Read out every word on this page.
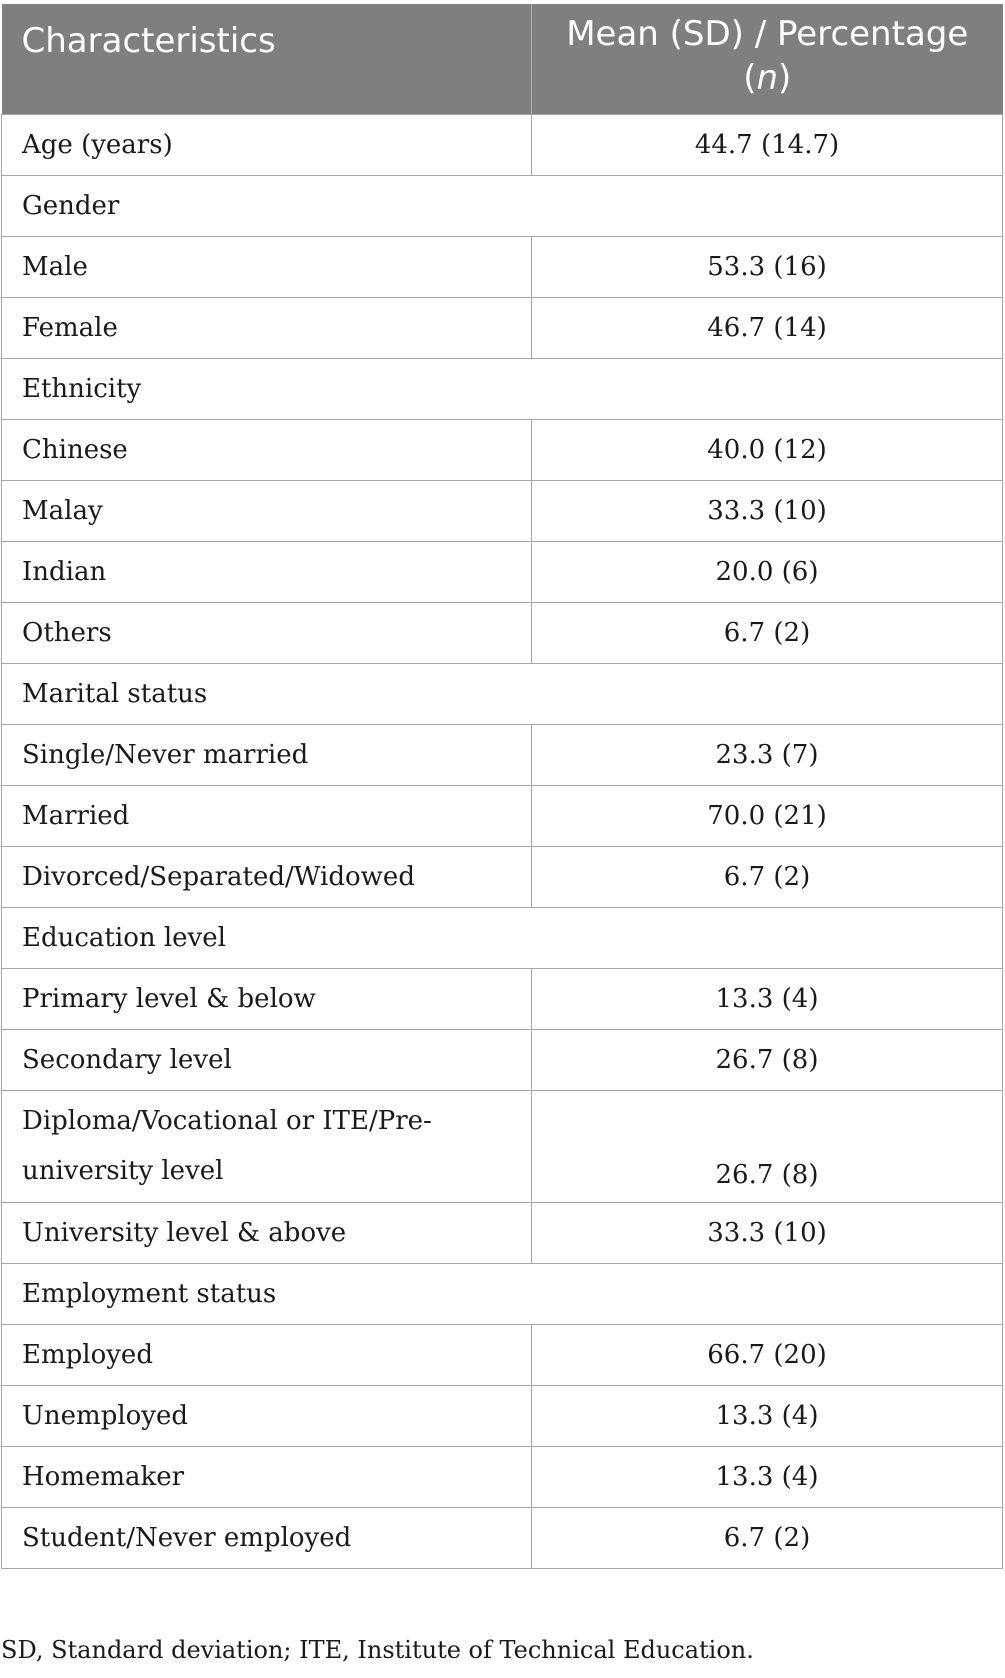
Characteristics	Mean (SD) / Percentage
(n)
Age (years)	44.7 (14.7)
Gender	
Male	53.3 (16)
Female	46.7 (14)
Ethnicity	
Chinese	40.0 (12)
Malay	33.3 (10)
Indian	20.0 (6)
Others	6.7 (2)
Marital status	
Single/Never married	23.3 (7)
Married	70.0 (21)
Divorced/Separated/Widowed	6.7 (2)
Education level	
Primary level & below	13.3 (4)
Secondary level	26.7 (8)
Diploma/Vocational or ITE/Pre-
university level	26.7 (8)
University level & above	33.3 (10)
Employment status	
Employed	66.7 (20)
Unemployed	13.3 (4)
Homemaker	13.3 (4)
Student/Never employed	6.7 (2)
SD, Standard deviation; ITE, Institute of Technical Education.
